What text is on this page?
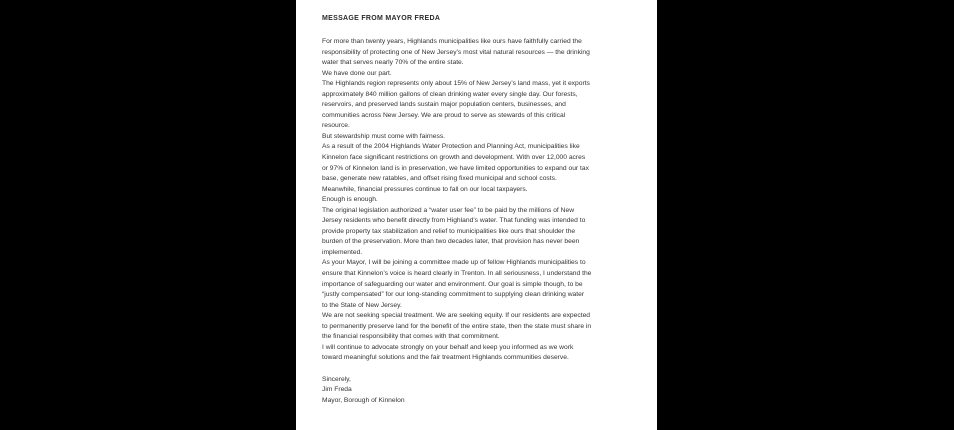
MESSAGE FROM MAYOR FREDA
For more than twenty years, Highlands municipalities like ours have faithfully carried the
responsibility of protecting one of New Jersey’s most vital natural resources — the drinking
water that serves nearly 70% of the entire state.
We have done our part.
The Highlands region represents only about 15% of New Jersey’s land mass, yet it exports
approximately 840 million gallons of clean drinking water every single day. Our forests,
reservoirs, and preserved lands sustain major population centers, businesses, and
communities across New Jersey. We are proud to serve as stewards of this critical
resource.
But stewardship must come with fairness.
As a result of the 2004 Highlands Water Protection and Planning Act, municipalities like
Kinnelon face significant restrictions on growth and development. With over 12,000 acres
or 97% of Kinnelon land is in preservation, we have limited opportunities to expand our tax
base, generate new ratables, and offset rising fixed municipal and school costs.
Meanwhile, financial pressures continue to fall on our local taxpayers.
Enough is enough.
The original legislation authorized a “water user fee” to be paid by the millions of New
Jersey residents who benefit directly from Highland’s water. That funding was intended to
provide property tax stabilization and relief to municipalities like ours that shoulder the
burden of the preservation. More than two decades later, that provision has never been
implemented.
As your Mayor, I will be joining a committee made up of fellow Highlands municipalities to
ensure that Kinnelon’s voice is heard clearly in Trenton. In all seriousness, I understand the
importance of safeguarding our water and environment. Our goal is simple though, to be
“justly compensated” for our long-standing commitment to supplying clean drinking water
to the State of New Jersey.
We are not seeking special treatment. We are seeking equity. If our residents are expected
to permanently preserve land for the benefit of the entire state, then the state must share in
the financial responsibility that comes with that commitment.
I will continue to advocate strongly on your behalf and keep you informed as we work
toward meaningful solutions and the fair treatment Highlands communities deserve.
Sincerely,
Jim Freda
Mayor, Borough of Kinnelon
